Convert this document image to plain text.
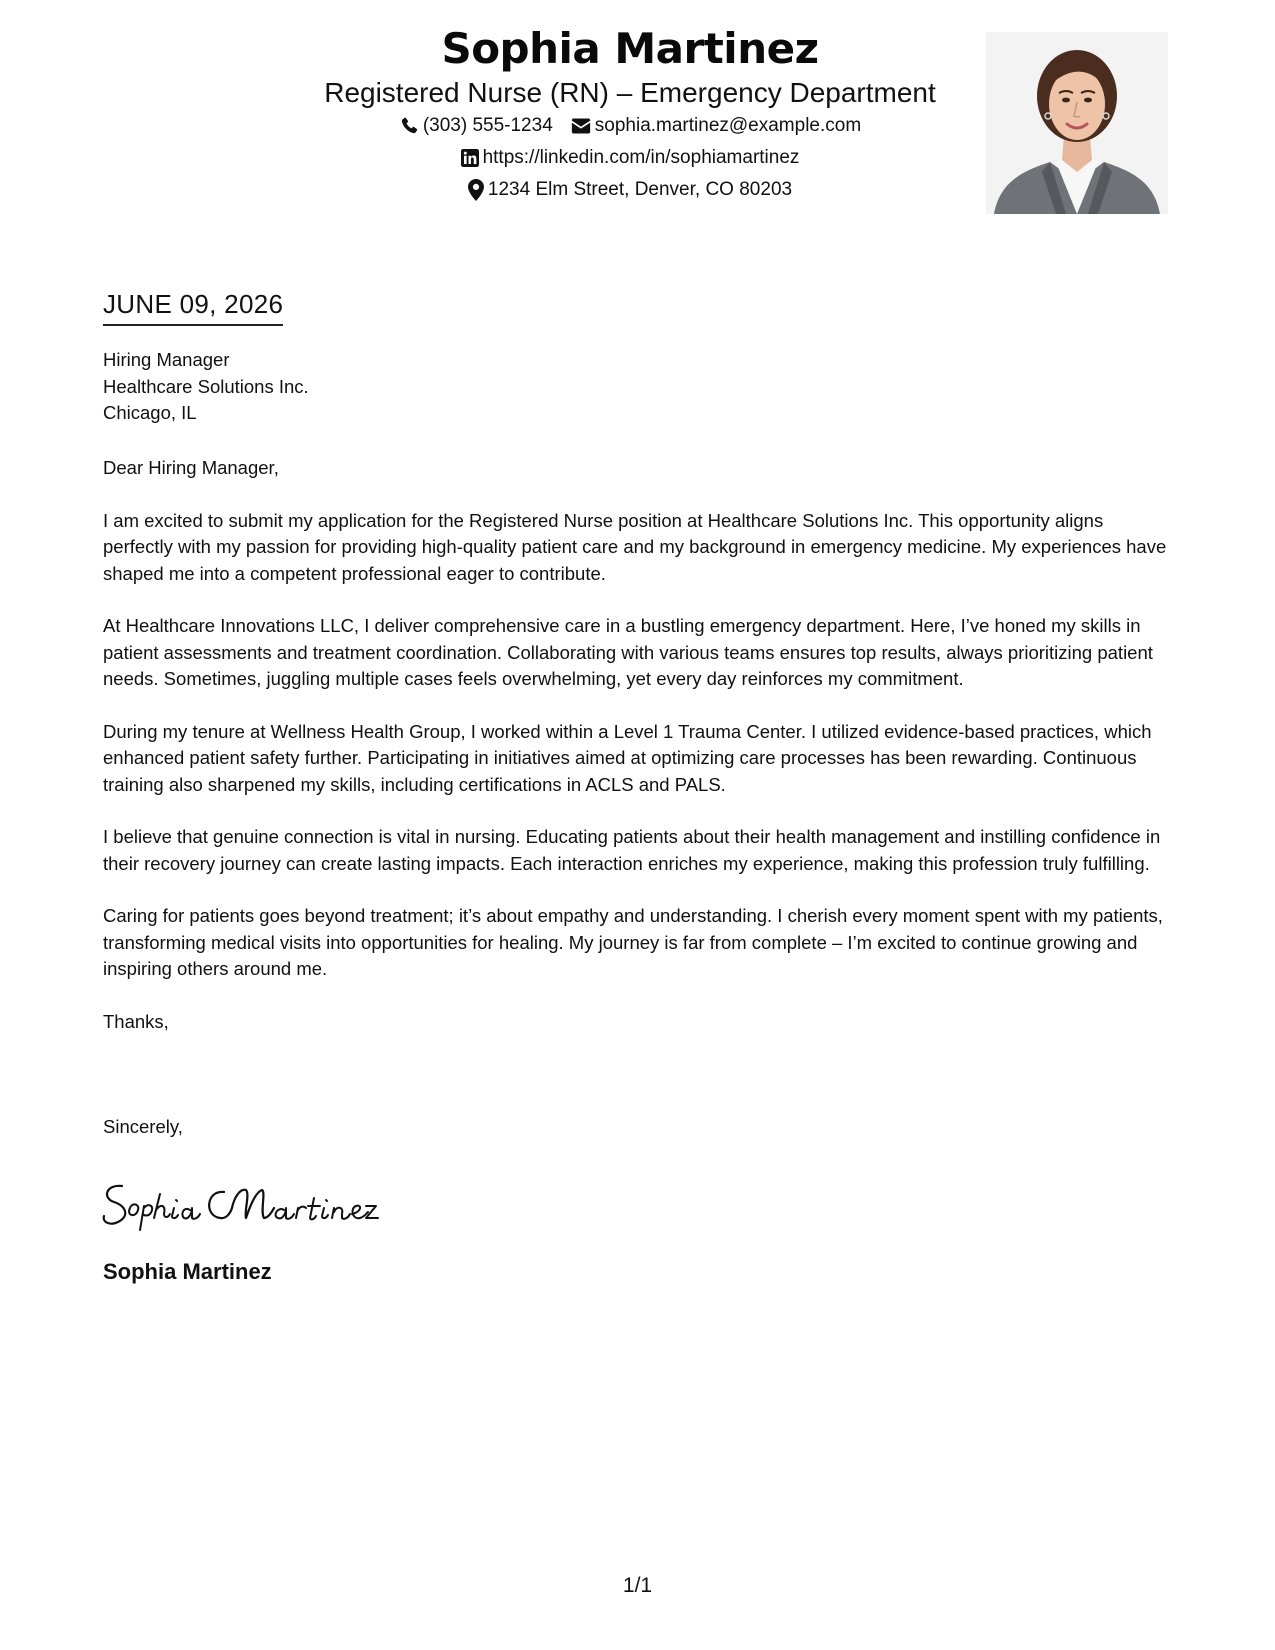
Sophia Martinez
Registered Nurse (RN) – Emergency Department
(303) 555-1234 sophia.martinez@example.com
https://linkedin.com/in/sophiamartinez
1234 Elm Street, Denver, CO 80203
JUNE 09, 2026
Hiring Manager
Healthcare Solutions Inc.
Chicago, IL

Dear Hiring Manager,

I am excited to submit my application for the Registered Nurse position at Healthcare Solutions Inc. This opportunity aligns perfectly with my passion for providing high-quality patient care and my background in emergency medicine. My experiences have shaped me into a competent professional eager to contribute.

At Healthcare Innovations LLC, I deliver comprehensive care in a bustling emergency department. Here, I’ve honed my skills in patient assessments and treatment coordination. Collaborating with various teams ensures top results, always prioritizing patient needs. Sometimes, juggling multiple cases feels overwhelming, yet every day reinforces my commitment.

During my tenure at Wellness Health Group, I worked within a Level 1 Trauma Center. I utilized evidence-based practices, which enhanced patient safety further. Participating in initiatives aimed at optimizing care processes has been rewarding. Continuous training also sharpened my skills, including certifications in ACLS and PALS.

I believe that genuine connection is vital in nursing. Educating patients about their health management and instilling confidence in their recovery journey can create lasting impacts. Each interaction enriches my experience, making this profession truly fulfilling.

Caring for patients goes beyond treatment; it’s about empathy and understanding. I cherish every moment spent with my patients, transforming medical visits into opportunities for healing. My journey is far from complete – I’m excited to continue growing and inspiring others around me.

Thanks,

Sincerely,
Sophia Martinez
1/1
